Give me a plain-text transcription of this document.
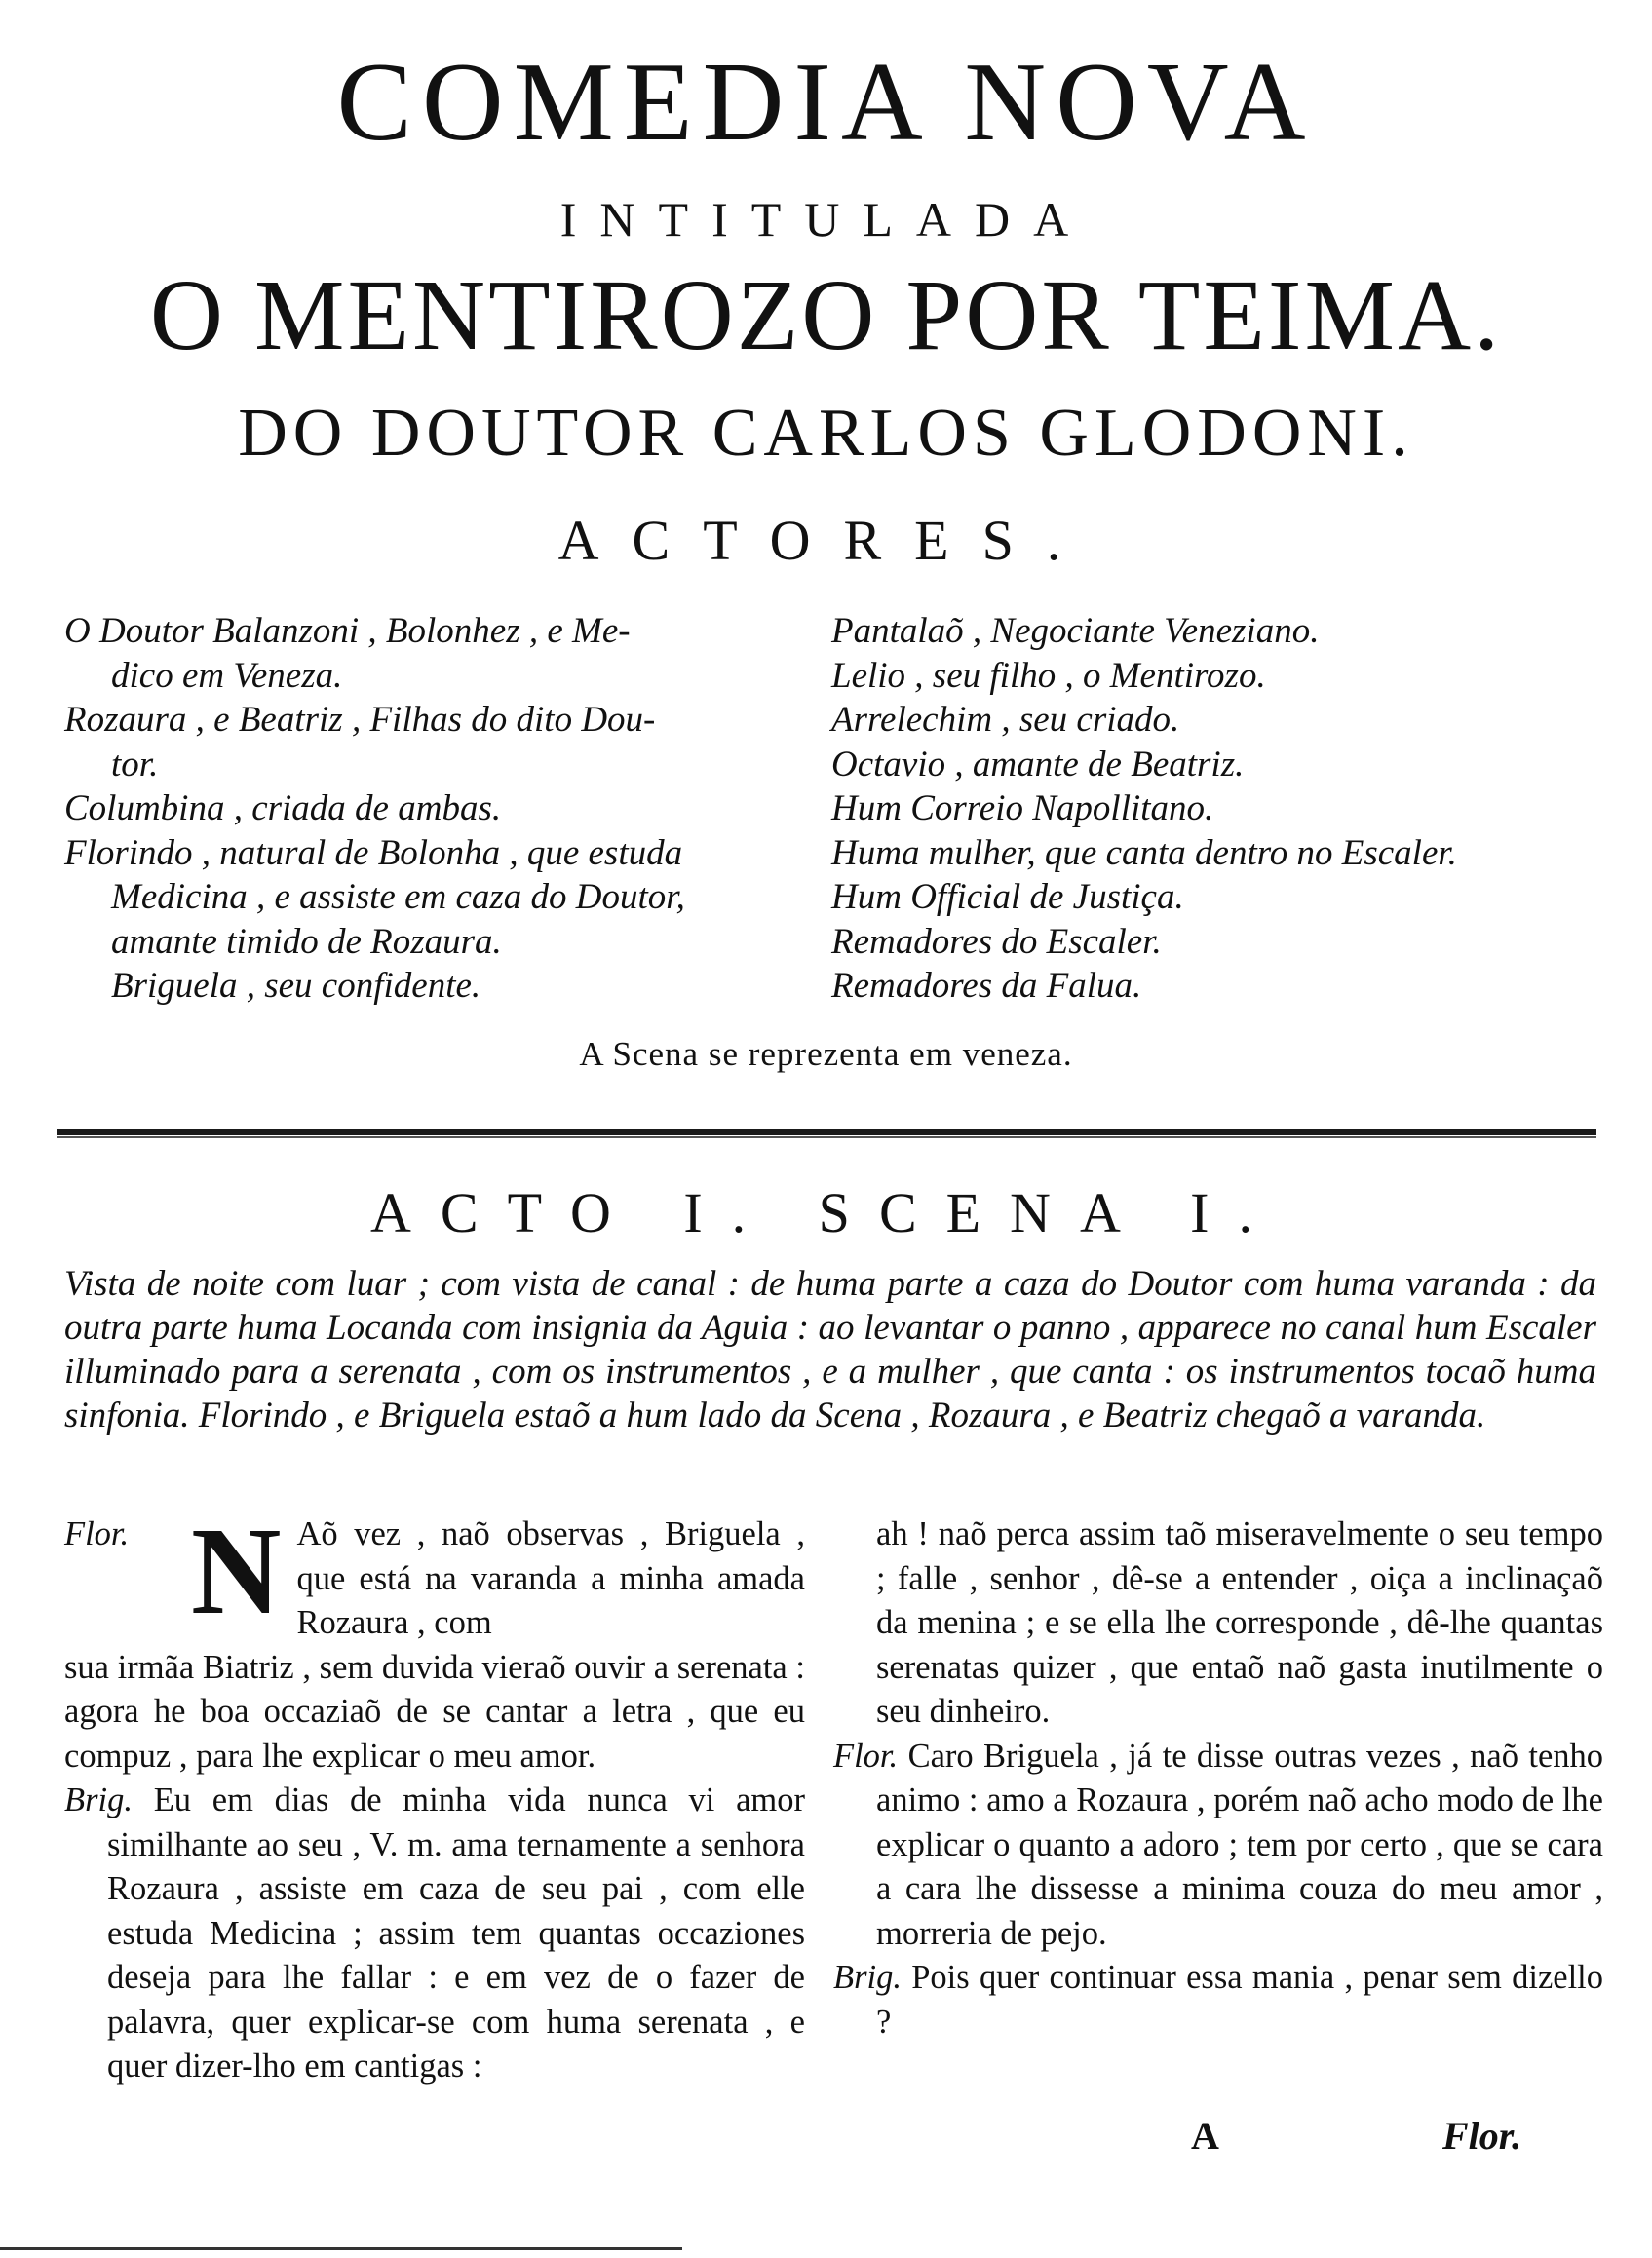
COMEDIA NOVA
INTITULADA
O MENTIROZO POR TEIMA.
DO DOUTOR CARLOS GLODONI.
ACTORES.

O Doutor Balanzoni , Bolonhez , e Me-
dico em Veneza.

Rozaura , e Beatriz , Filhas do dito Dou-
tor.

Columbina , criada de ambas.

Florindo , natural de Bolonha , que estuda
Medicina , e assiste em caza do Doutor,
amante timido de Rozaura.
Briguela , seu confidente.

Pantalaõ , Negociante Veneziano.

Lelio , seu filho , o Mentirozo.

Arrelechim , seu criado.

Octavio , amante de Beatriz.

Hum Correio Napollitano.

Huma mulher, que canta dentro no Escaler.

Hum Official de Justiça.

Remadores do Escaler.

Remadores da Falua.

A Scena se reprezenta em veneza.
ACTO I. SCENA I.

Vista de noite com luar ; com vista de canal : de huma parte a caza do Doutor com huma varanda : da outra parte huma Locanda com insignia da Aguia : ao levantar o panno , apparece no canal hum Escaler illuminado para a serenata , com os instrumentos , e a mulher , que canta : os instrumentos tocaõ huma sinfonia. Florindo , e Briguela estaõ a hum lado da Scena , Rozaura , e Beatriz chegaõ a varanda.

Flor. N Aõ vez , naõ observas , Briguela , que está na varanda a minha amada Rozaura , com
sua irmãa Biatriz , sem duvida vieraõ ouvir a serenata : agora he boa occaziaõ de se cantar a letra , que eu compuz , para lhe explicar o meu amor.

Brig. Eu em dias de minha vida nunca vi amor similhante ao seu , V. m. ama ternamente a senhora Rozaura , assiste em caza de seu pai , com elle estuda Medicina ; assim tem quantas occaziones deseja para lhe fallar : e em vez de o fazer de palavra, quer explicar-se com huma serenata , e quer dizer-lho em cantigas :

ah ! naõ perca assim taõ miseravelmente o seu tempo ; falle , senhor , dê-se a entender , oiça a inclinaçaõ da menina ; e se ella lhe corresponde , dê-lhe quantas serenatas quizer , que entaõ naõ gasta inutilmente o seu dinheiro.

Flor. Caro Briguela , já te disse outras vezes , naõ tenho animo : amo a Rozaura , porém naõ acho modo de lhe explicar o quanto a adoro ; tem por certo , que se cara a cara lhe dissesse a minima couza do meu amor , morreria de pejo.

Brig. Pois quer continuar essa mania , penar sem dizello ?

A	Flor.
